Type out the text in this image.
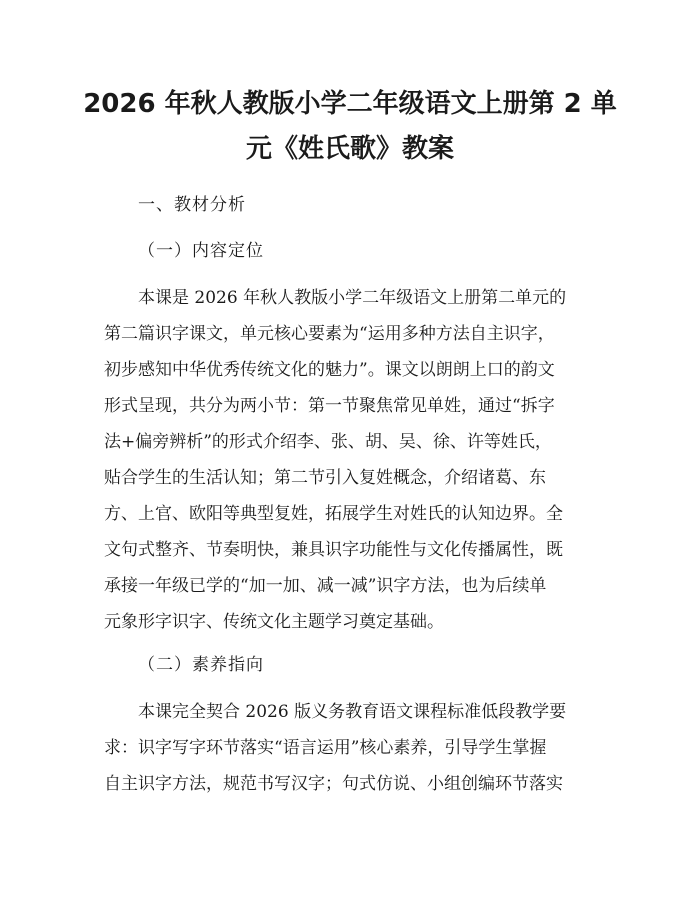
2026 年秋人教版小学二年级语文上册第 2 单
元《姓氏歌》教案

一、教材分析

（一）内容定位

本课是 2026 年秋人教版小学二年级语文上册第二单元的

第二篇识字课文，单元核心要素为“运用多种方法自主识字，

初步感知中华优秀传统文化的魅力”。课文以朗朗上口的韵文

形式呈现，共分为两小节：第一节聚焦常见单姓，通过“拆字

法+偏旁辨析”的形式介绍李、张、胡、吴、徐、许等姓氏，

贴合学生的生活认知；第二节引入复姓概念，介绍诸葛、东

方、上官、欧阳等典型复姓，拓展学生对姓氏的认知边界。全

文句式整齐、节奏明快，兼具识字功能性与文化传播属性，既

承接一年级已学的“加一加、减一减”识字方法，也为后续单

元象形字识字、传统文化主题学习奠定基础。

（二）素养指向

本课完全契合 2026 版义务教育语文课程标准低段教学要

求：识字写字环节落实“语言运用”核心素养，引导学生掌握

自主识字方法，规范书写汉字；句式仿说、小组创编环节落实
